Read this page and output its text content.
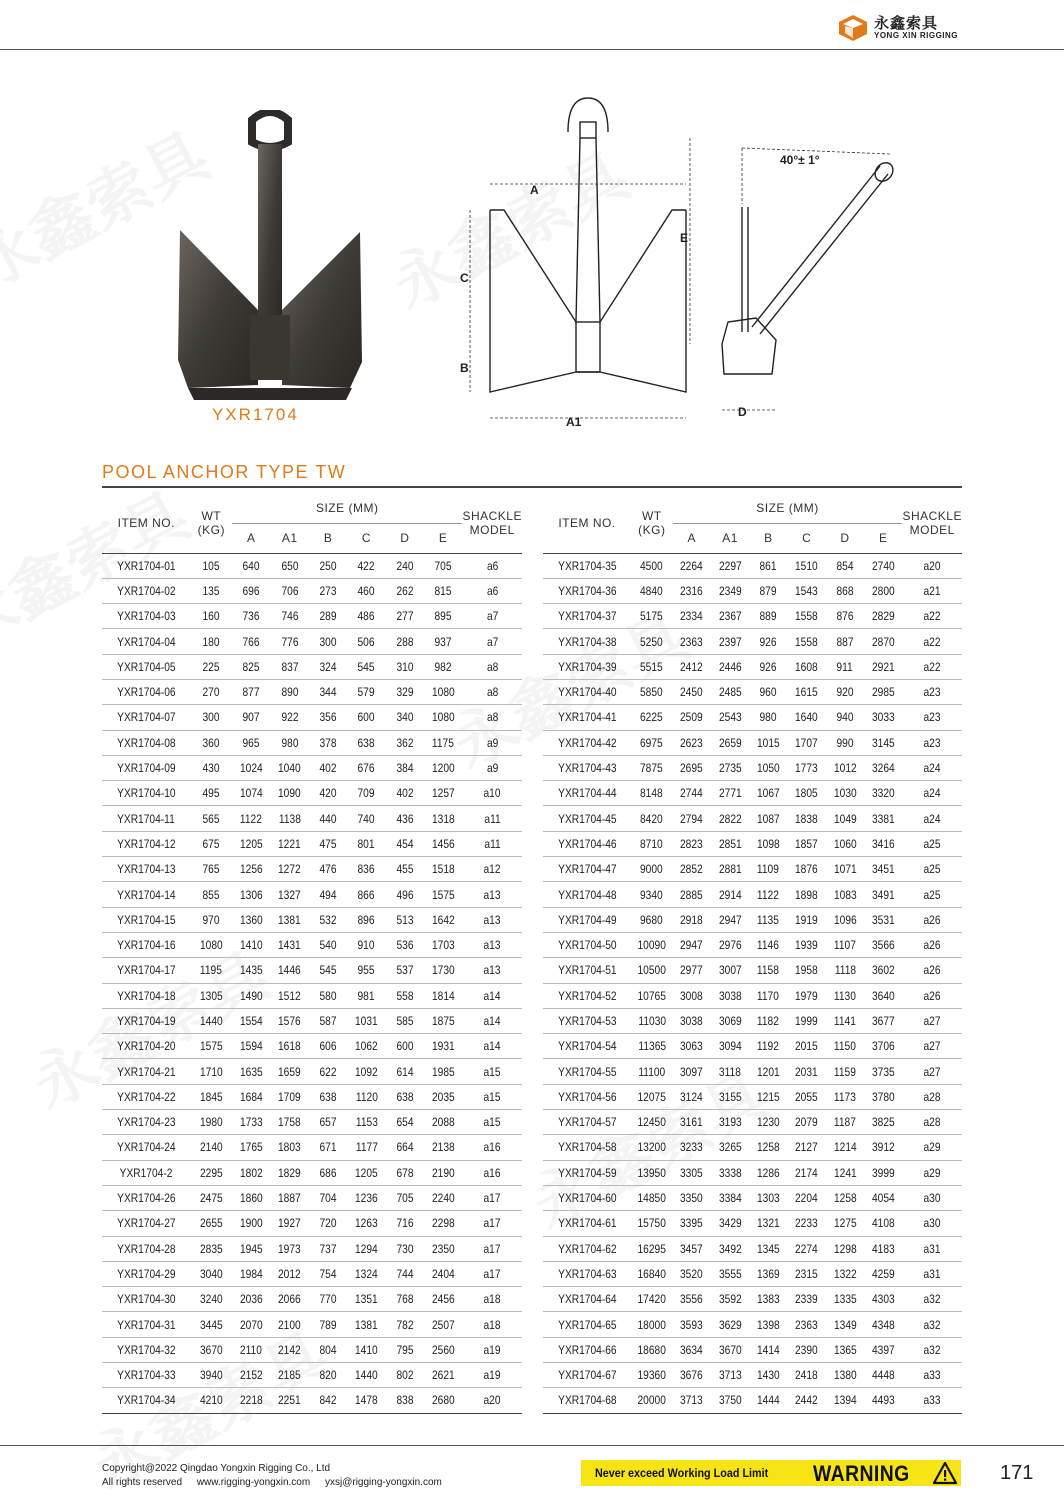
永鑫索具
YONG XIN RIGGING
YXR1704
A
A1
B
C
D
E
40°± 1°
POOL ANCHOR TYPE TW
ITEM NO.	WT (KG)	SIZE (MM)						SHACKLE MODEL
		A	A1	B	C	D	E	
YXR1704-01	105	640	650	250	422	240	705	a6
YXR1704-02	135	696	706	273	460	262	815	a6
YXR1704-03	160	736	746	289	486	277	895	a7
YXR1704-04	180	766	776	300	506	288	937	a7
YXR1704-05	225	825	837	324	545	310	982	a8
YXR1704-06	270	877	890	344	579	329	1080	a8
YXR1704-07	300	907	922	356	600	340	1080	a8
YXR1704-08	360	965	980	378	638	362	1175	a9
YXR1704-09	430	1024	1040	402	676	384	1200	a9
YXR1704-10	495	1074	1090	420	709	402	1257	a10
YXR1704-11	565	1122	1138	440	740	436	1318	a11
YXR1704-12	675	1205	1221	475	801	454	1456	a11
YXR1704-13	765	1256	1272	476	836	455	1518	a12
YXR1704-14	855	1306	1327	494	866	496	1575	a13
YXR1704-15	970	1360	1381	532	896	513	1642	a13
YXR1704-16	1080	1410	1431	540	910	536	1703	a13
YXR1704-17	1195	1435	1446	545	955	537	1730	a13
YXR1704-18	1305	1490	1512	580	981	558	1814	a14
YXR1704-19	1440	1554	1576	587	1031	585	1875	a14
YXR1704-20	1575	1594	1618	606	1062	600	1931	a14
YXR1704-21	1710	1635	1659	622	1092	614	1985	a15
YXR1704-22	1845	1684	1709	638	1120	638	2035	a15
YXR1704-23	1980	1733	1758	657	1153	654	2088	a15
YXR1704-24	2140	1765	1803	671	1177	664	2138	a16
YXR1704-2	2295	1802	1829	686	1205	678	2190	a16
YXR1704-26	2475	1860	1887	704	1236	705	2240	a17
YXR1704-27	2655	1900	1927	720	1263	716	2298	a17
YXR1704-28	2835	1945	1973	737	1294	730	2350	a17
YXR1704-29	3040	1984	2012	754	1324	744	2404	a17
YXR1704-30	3240	2036	2066	770	1351	768	2456	a18
YXR1704-31	3445	2070	2100	789	1381	782	2507	a18
YXR1704-32	3670	2110	2142	804	1410	795	2560	a19
YXR1704-33	3940	2152	2185	820	1440	802	2621	a19
YXR1704-34	4210	2218	2251	842	1478	838	2680	a20
ITEM NO.	WT (KG)	SIZE (MM)						SHACKLE MODEL
		A	A1	B	C	D	E	
YXR1704-35	4500	2264	2297	861	1510	854	2740	a20
YXR1704-36	4840	2316	2349	879	1543	868	2800	a21
YXR1704-37	5175	2334	2367	889	1558	876	2829	a22
YXR1704-38	5250	2363	2397	926	1558	887	2870	a22
YXR1704-39	5515	2412	2446	926	1608	911	2921	a22
YXR1704-40	5850	2450	2485	960	1615	920	2985	a23
YXR1704-41	6225	2509	2543	980	1640	940	3033	a23
YXR1704-42	6975	2623	2659	1015	1707	990	3145	a23
YXR1704-43	7875	2695	2735	1050	1773	1012	3264	a24
YXR1704-44	8148	2744	2771	1067	1805	1030	3320	a24
YXR1704-45	8420	2794	2822	1087	1838	1049	3381	a24
YXR1704-46	8710	2823	2851	1098	1857	1060	3416	a25
YXR1704-47	9000	2852	2881	1109	1876	1071	3451	a25
YXR1704-48	9340	2885	2914	1122	1898	1083	3491	a25
YXR1704-49	9680	2918	2947	1135	1919	1096	3531	a26
YXR1704-50	10090	2947	2976	1146	1939	1107	3566	a26
YXR1704-51	10500	2977	3007	1158	1958	1118	3602	a26
YXR1704-52	10765	3008	3038	1170	1979	1130	3640	a26
YXR1704-53	11030	3038	3069	1182	1999	1141	3677	a27
YXR1704-54	11365	3063	3094	1192	2015	1150	3706	a27
YXR1704-55	11100	3097	3118	1201	2031	1159	3735	a27
YXR1704-56	12075	3124	3155	1215	2055	1173	3780	a28
YXR1704-57	12450	3161	3193	1230	2079	1187	3825	a28
YXR1704-58	13200	3233	3265	1258	2127	1214	3912	a29
YXR1704-59	13950	3305	3338	1286	2174	1241	3999	a29
YXR1704-60	14850	3350	3384	1303	2204	1258	4054	a30
YXR1704-61	15750	3395	3429	1321	2233	1275	4108	a30
YXR1704-62	16295	3457	3492	1345	2274	1298	4183	a31
YXR1704-63	16840	3520	3555	1369	2315	1322	4259	a31
YXR1704-64	17420	3556	3592	1383	2339	1335	4303	a32
YXR1704-65	18000	3593	3629	1398	2363	1349	4348	a32
YXR1704-66	18680	3634	3670	1414	2390	1365	4397	a32
YXR1704-67	19360	3676	3713	1430	2418	1380	4448	a33
YXR1704-68	20000	3713	3750	1444	2442	1394	4493	a33
Copyright@2022 Qingdao Yongxin Rigging Co., Ltd
All rights reserved www.rigging-yongxin.com yxsj@rigging-yongxin.com
Never exceed Working Load Limit WARNING	171
